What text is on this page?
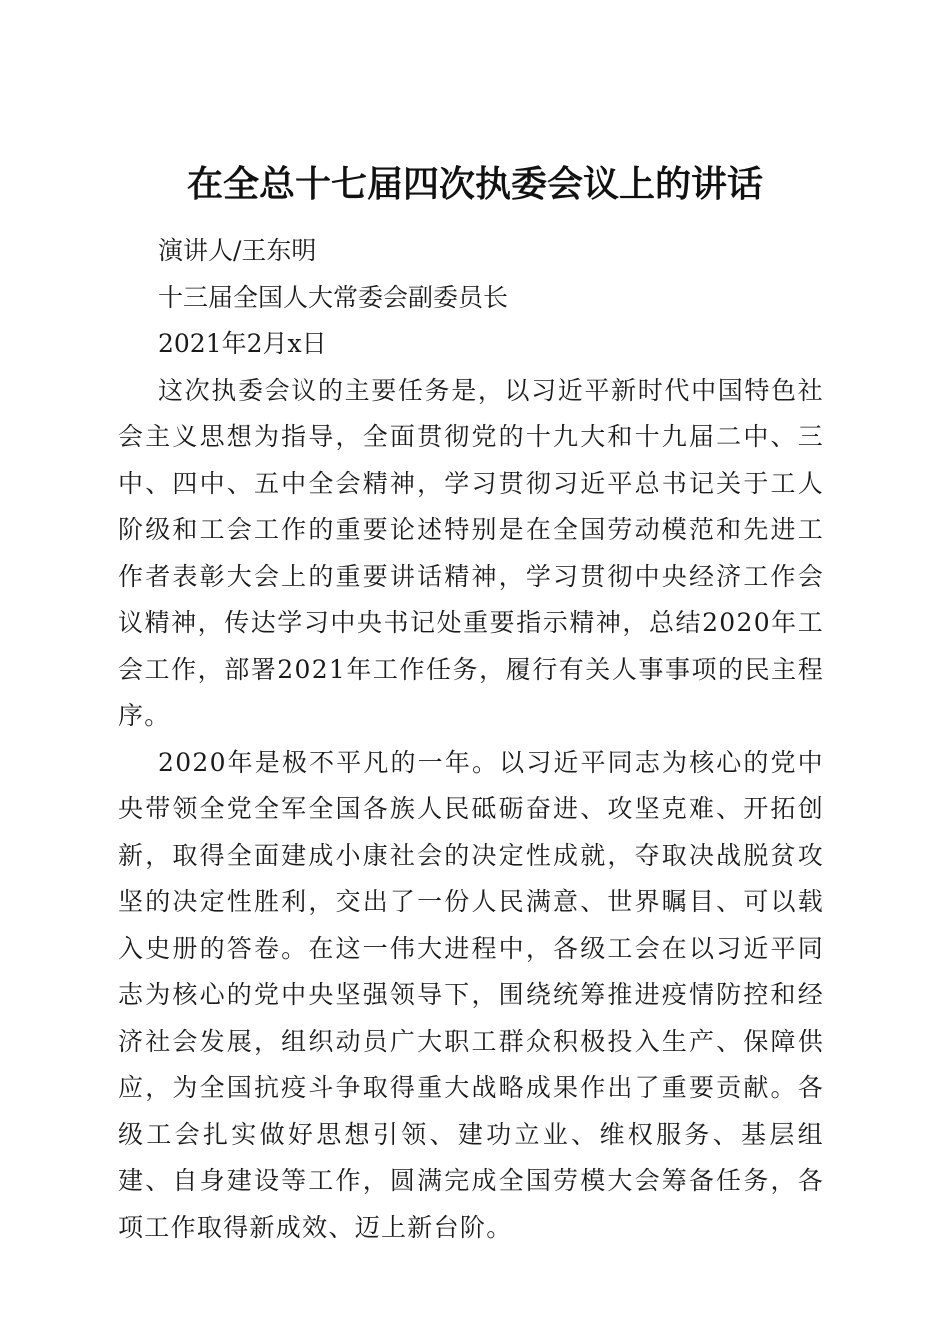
在全总十七届四次执委会议上的讲话

演讲人/王东明

十三届全国人大常委会副委员长

2021年2月x日

这次执委会议的主要任务是，以习近平新时代中国特色社会主义思想为指导，全面贯彻党的十九大和十九届二中、三中、四中、五中全会精神，学习贯彻习近平总书记关于工人阶级和工会工作的重要论述特别是在全国劳动模范和先进工作者表彰大会上的重要讲话精神，学习贯彻中央经济工作会议精神，传达学习中央书记处重要指示精神，总结2020年工会工作，部署2021年工作任务，履行有关人事事项的民主程序。

2020年是极不平凡的一年。以习近平同志为核心的党中央带领全党全军全国各族人民砥砺奋进、攻坚克难、开拓创新，取得全面建成小康社会的决定性成就，夺取决战脱贫攻坚的决定性胜利，交出了一份人民满意、世界瞩目、可以载入史册的答卷。在这一伟大进程中，各级工会在以习近平同志为核心的党中央坚强领导下，围绕统筹推进疫情防控和经济社会发展，组织动员广大职工群众积极投入生产、保障供应，为全国抗疫斗争取得重大战略成果作出了重要贡献。各级工会扎实做好思想引领、建功立业、维权服务、基层组建、自身建设等工作，圆满完成全国劳模大会筹备任务，各项工作取得新成效、迈上新台阶。
